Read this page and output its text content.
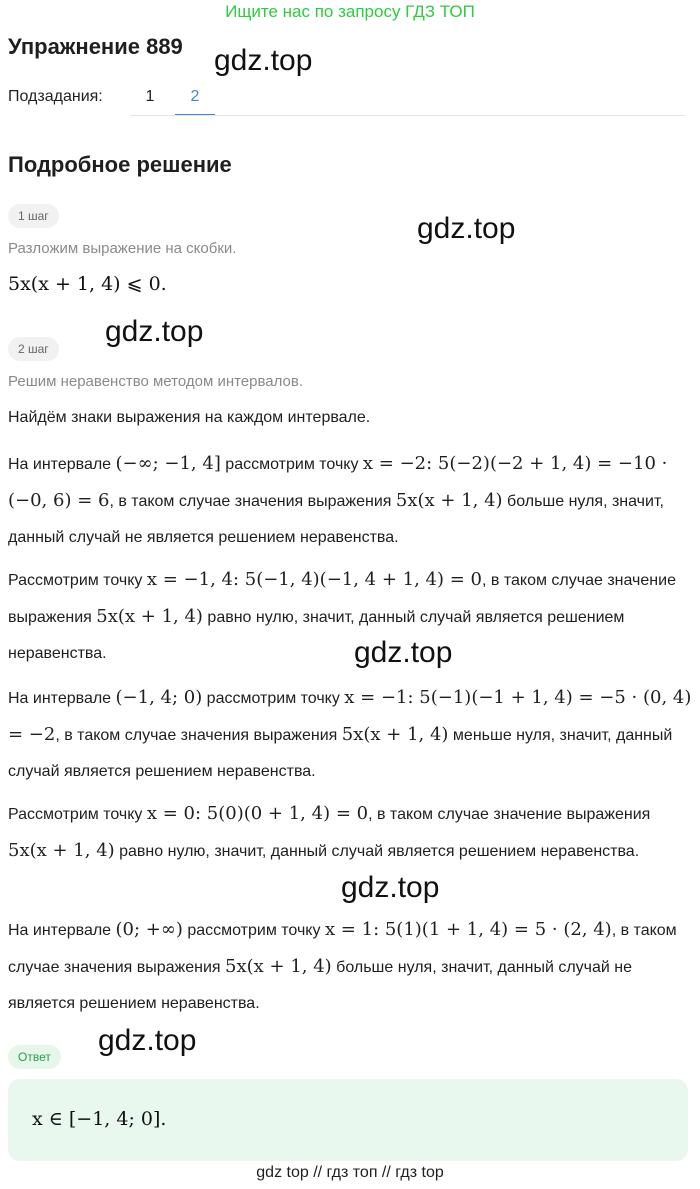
Ищите нас по запросу ГДЗ ТОП
Упражнение 889 gdz.top
Подзадания:	1	2
Подробное решение
1 шаг	gdz.top
Разложим выражение на скобки.
5x(x + 1, 4) ⩽ 0.
gdz.top
2 шаг
Решим неравенство методом интервалов.
Найдём знаки выражения на каждом интервале.
На интервале (−∞; −1, 4] рассмотрим точку x = −2: 5(−2)(−2 + 1, 4) = −10 · (−0, 6) = 6, в таком случае значения выражения 5x(x + 1, 4) больше нуля, значит, данный случай не является решением неравенства.
Рассмотрим точку x = −1, 4: 5(−1, 4)(−1, 4 + 1, 4) = 0, в таком случае значение выражения 5x(x + 1, 4) равно нулю, значит, данный случай является решением неравенства.	gdz.top
На интервале (−1, 4; 0) рассмотрим точку x = −1: 5(−1)(−1 + 1, 4) = −5 · (0, 4) = −2, в таком случае значения выражения 5x(x + 1, 4) меньше нуля, значит, данный случай является решением неравенства.
Рассмотрим точку x = 0: 5(0)(0 + 1, 4) = 0, в таком случае значение выражения 5x(x + 1, 4) равно нулю, значит, данный случай является решением неравенства.
gdz.top
На интервале (0; +∞) рассмотрим точку x = 1: 5(1)(1 + 1, 4) = 5 · (2, 4), в таком случае значения выражения 5x(x + 1, 4) больше нуля, значит, данный случай не является решением неравенства.
Ответ	gdz.top
x ∈ [−1, 4; 0].
gdz top // гдз топ // гдз top
